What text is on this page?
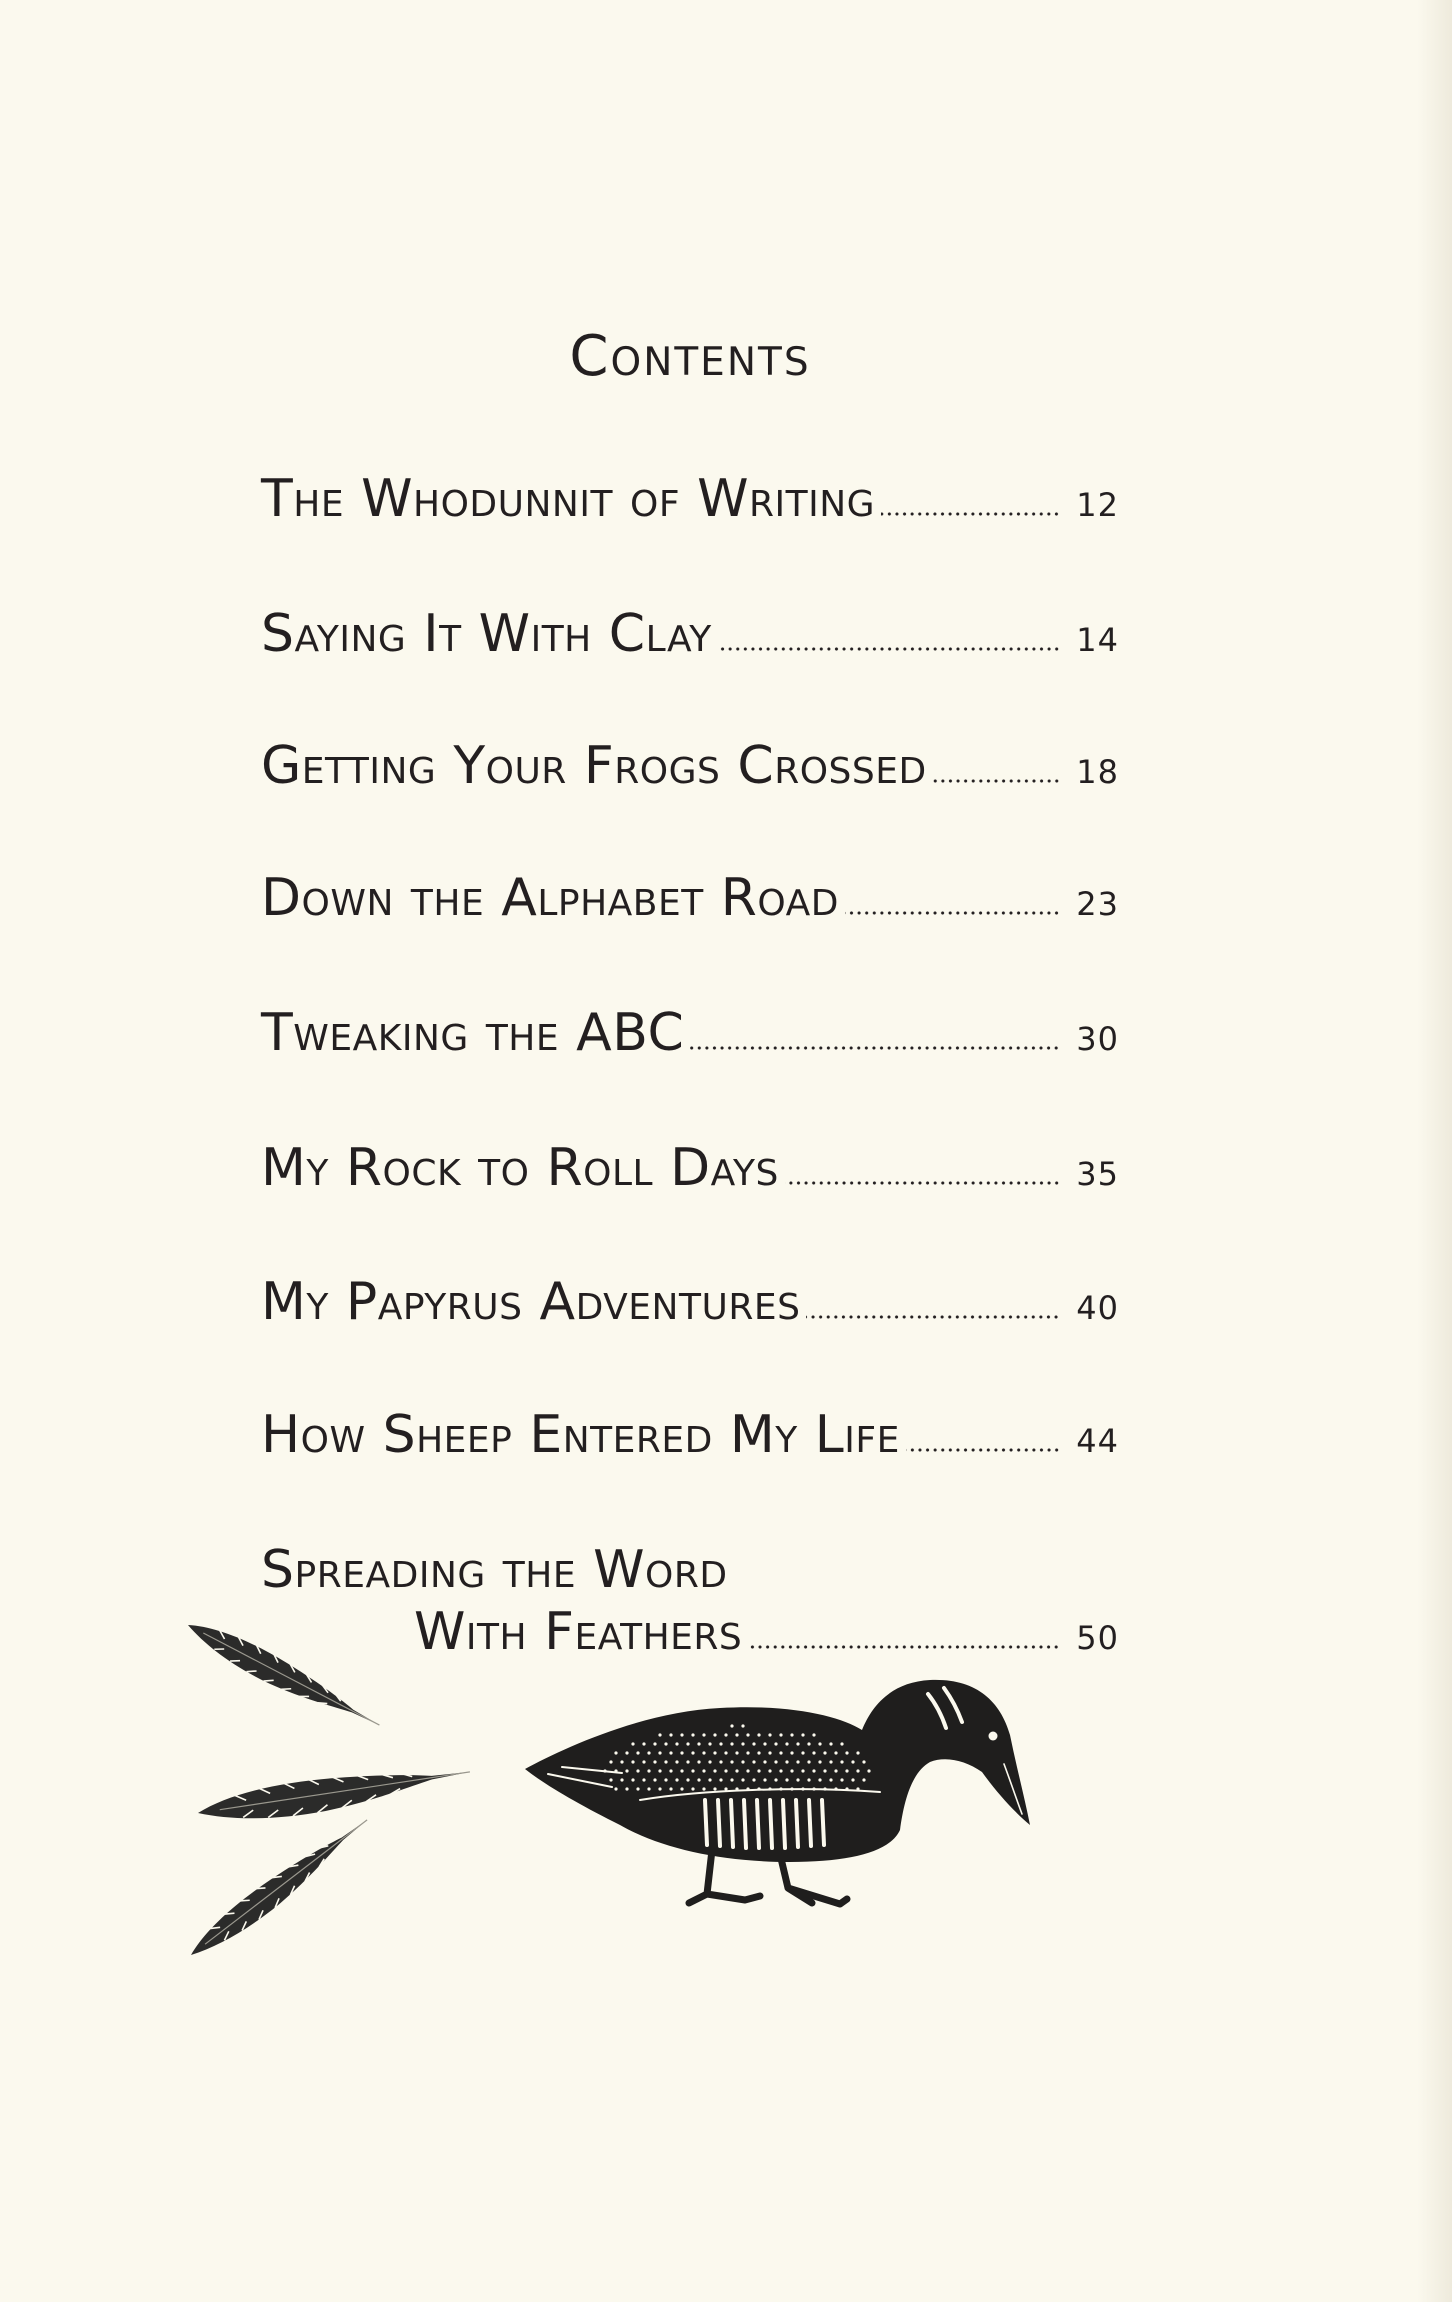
Contents
The Whodunnit of Writing	12
Saying It With Clay	14
Getting Your Frogs Crossed	18
Down the Alphabet Road	23
Tweaking the ABC	30
My Rock to Roll Days	35
My Papyrus Adventures	40
How Sheep Entered My Life	44
Spreading the Word
With Feathers	50
